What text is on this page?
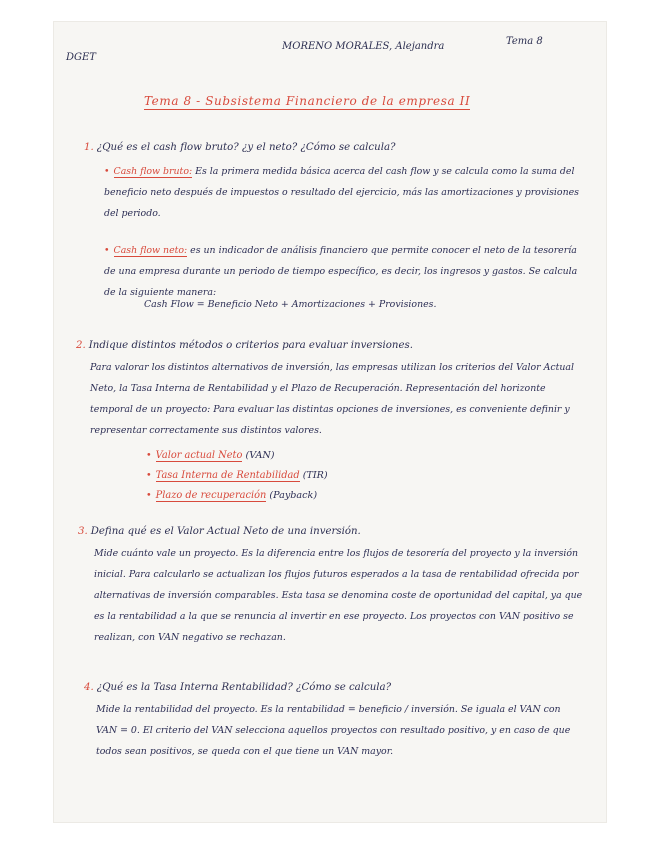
DGET
MORENO MORALES, Alejandra	Tema 8
Tema 8 - Subsistema Financiero de la empresa II
1. ¿Qué es el cash flow bruto? ¿y el neto? ¿Cómo se calcula?
• Cash flow bruto: Es la primera medida básica acerca del cash flow y se calcula como la suma del beneficio neto después de impuestos o resultado del ejercicio, más las amortizaciones y provisiones del periodo.
• Cash flow neto: es un indicador de análisis financiero que permite conocer el neto de la tesorería de una empresa durante un periodo de tiempo específico, es decir, los ingresos y gastos. Se calcula de la siguiente manera:
Cash Flow = Beneficio Neto + Amortizaciones + Provisiones.
2. Indique distintos métodos o criterios para evaluar inversiones.
Para valorar los distintos alternativos de inversión, las empresas utilizan los criterios del Valor Actual Neto, la Tasa Interna de Rentabilidad y el Plazo de Recuperación. Representación del horizonte temporal de un proyecto: Para evaluar las distintas opciones de inversiones, es conveniente definir y representar correctamente sus distintos valores.
• Valor actual Neto (VAN)
• Tasa Interna de Rentabilidad (TIR)
• Plazo de recuperación (Payback)
3. Defina qué es el Valor Actual Neto de una inversión.
Mide cuánto vale un proyecto. Es la diferencia entre los flujos de tesorería del proyecto y la inversión inicial. Para calcularlo se actualizan los flujos futuros esperados a la tasa de rentabilidad ofrecida por alternativas de inversión comparables. Esta tasa se denomina coste de oportunidad del capital, ya que es la rentabilidad a la que se renuncia al invertir en ese proyecto. Los proyectos con VAN positivo se realizan, con VAN negativo se rechazan.
4. ¿Qué es la Tasa Interna Rentabilidad? ¿Cómo se calcula?
Mide la rentabilidad del proyecto. Es la rentabilidad = beneficio / inversión. Se iguala el VAN con VAN = 0. El criterio del VAN selecciona aquellos proyectos con resultado positivo, y en caso de que todos sean positivos, se queda con el que tiene un VAN mayor.
